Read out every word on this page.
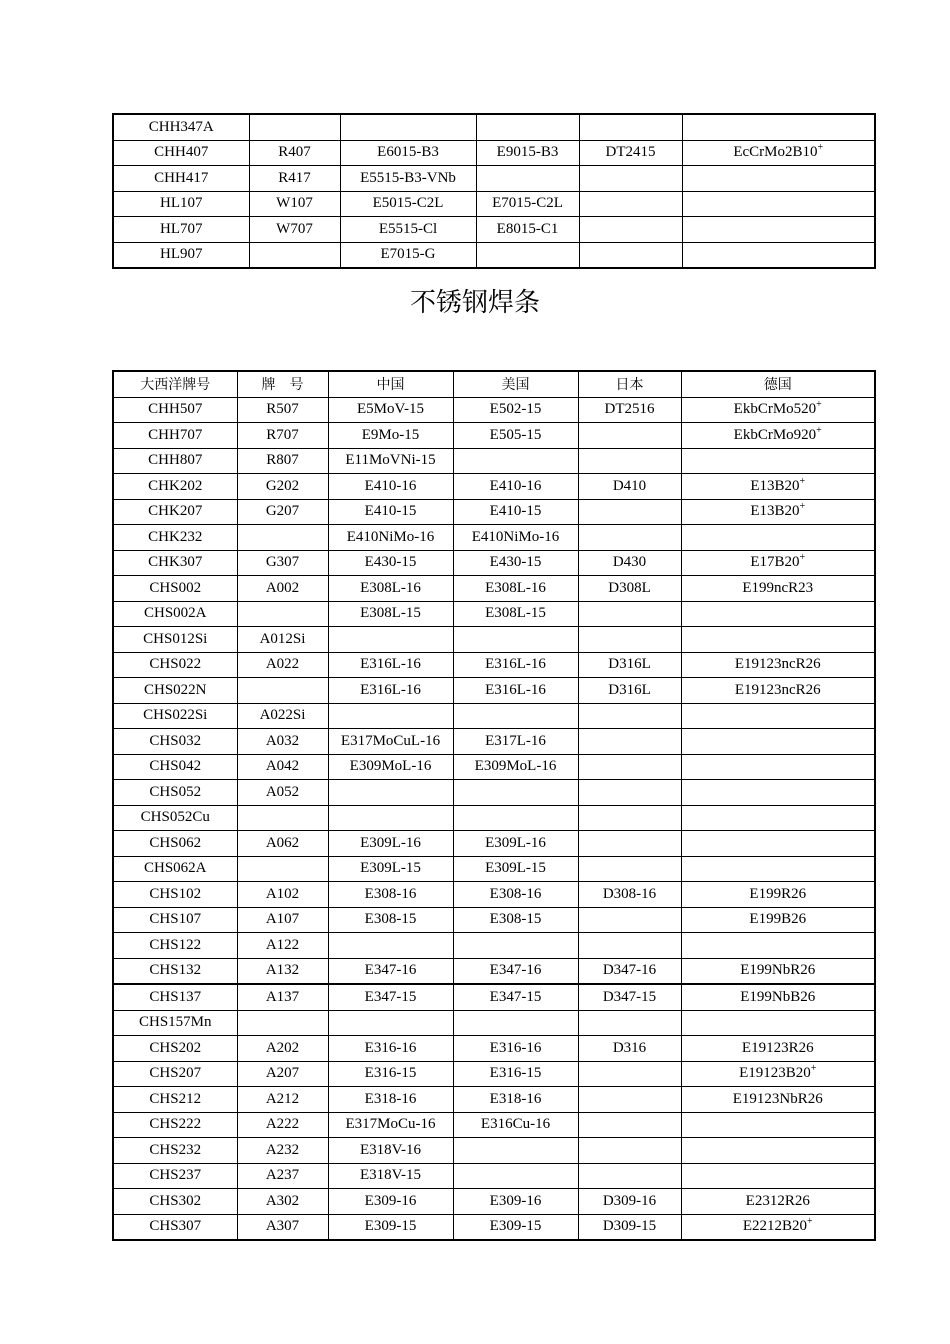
CHH347A					
CHH407	R407	E6015-B3	E9015-B3	DT2415	EcCrMo2B10+
CHH417	R417	E5515-B3-VNb			
HL107	W107	E5015-C2L	E7015-C2L		
HL707	W707	E5515-Cl	E8015-C1		
HL907		E7015-G			
不锈钢焊条
大西洋牌号	牌　号	中国	美国	日本	德国
CHH507	R507	E5MoV-15	E502-15	DT2516	EkbCrMo520+
CHH707	R707	E9Mo-15	E505-15		EkbCrMo920+
CHH807	R807	E11MoVNi-15			
CHK202	G202	E410-16	E410-16	D410	E13B20+
CHK207	G207	E410-15	E410-15		E13B20+
CHK232		E410NiMo-16	E410NiMo-16		
CHK307	G307	E430-15	E430-15	D430	E17B20+
CHS002	A002	E308L-16	E308L-16	D308L	E199ncR23
CHS002A		E308L-15	E308L-15		
CHS012Si	A012Si				
CHS022	A022	E316L-16	E316L-16	D316L	E19123ncR26
CHS022N		E316L-16	E316L-16	D316L	E19123ncR26
CHS022Si	A022Si				
CHS032	A032	E317MoCuL-16	E317L-16		
CHS042	A042	E309MoL-16	E309MoL-16		
CHS052	A052				
CHS052Cu					
CHS062	A062	E309L-16	E309L-16		
CHS062A		E309L-15	E309L-15		
CHS102	A102	E308-16	E308-16	D308-16	E199R26
CHS107	A107	E308-15	E308-15		E199B26
CHS122	A122				
CHS132	A132	E347-16	E347-16	D347-16	E199NbR26
CHS137	A137	E347-15	E347-15	D347-15	E199NbB26
CHS157Mn					
CHS202	A202	E316-16	E316-16	D316	E19123R26
CHS207	A207	E316-15	E316-15		E19123B20+
CHS212	A212	E318-16	E318-16		E19123NbR26
CHS222	A222	E317MoCu-16	E316Cu-16		
CHS232	A232	E318V-16			
CHS237	A237	E318V-15			
CHS302	A302	E309-16	E309-16	D309-16	E2312R26
CHS307	A307	E309-15	E309-15	D309-15	E2212B20+
